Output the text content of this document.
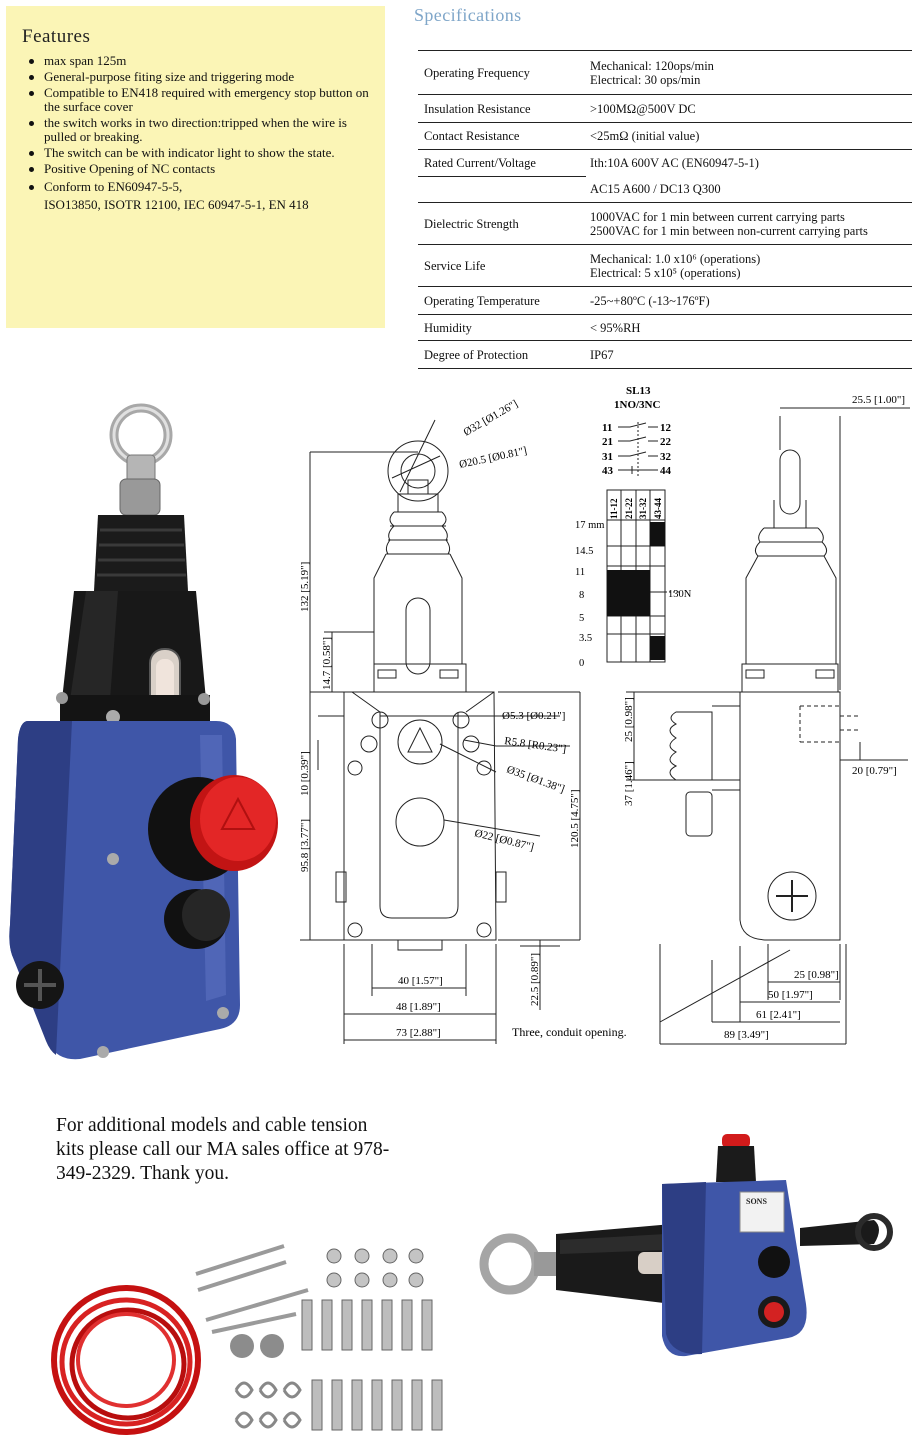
Features
max span 125m
General-purpose fiting size and triggering mode
Compatible to EN418 required with emergency stop button on the surface cover
the switch works in two direction:tripped when the wire is pulled or breaking.
The switch can be with indicator light to show the state.
Positive Opening of NC contacts
Conform to EN60947-5-5,
ISO13850, ISOTR 12100, IEC 60947-5-1, EN 418
Specifications
Operating Frequency	Mechanical: 120ops/min
Electrical: 30 ops/min

Insulation Resistance	>100MΩ@500V DC
Contact Resistance	<25mΩ (initial value)
Rated Current/Voltage	Ith:10A 600V AC (EN60947-5-1)
	AC15 A600 / DC13 Q300
Dielectric Strength	1000VAC for 1 min between current carrying parts
2500VAC for 1 min between non-current carrying parts

Service Life	Mechanical: 1.0 x10⁶ (operations)
Electrical: 5 x10⁵ (operations)

Operating Temperature	-25~+80ºC (-13~176ºF)
Humidity	< 95%RH
Degree of Protection	IP67
Ø32 [Ø1.26"]
Ø20.5 [Ø0.81"]
132 [5.19"]
14.7 [0.58"]
Ø5.3 [Ø0.21"]
R5.8 [R0.23"]
Ø35 [Ø1.38"]
Ø22 [Ø0.87"]
10 [0.39"]
95.8 [3.77"]	120.5 [4.75"]
40 [1.57"]
48 [1.89"]
73 [2.88"]
22.5 [0.89"]
Three, conduit opening.
25.5 [1.00"]
25 [0.98"]
37 [1.46"]	20 [0.79"]
25 [0.98"]
50 [1.97"]
61 [2.41"]
89 [3.49"]
SL13
1NO/3NC
11	12
21	22
31	32
43	44
11-12 21-22 31-32 43-44
17 mm
14.5
11
8
5
3.5
0
130N
For additional models and cable tension kits please call our MA sales office at 978-349-2329. Thank you.
SONS
